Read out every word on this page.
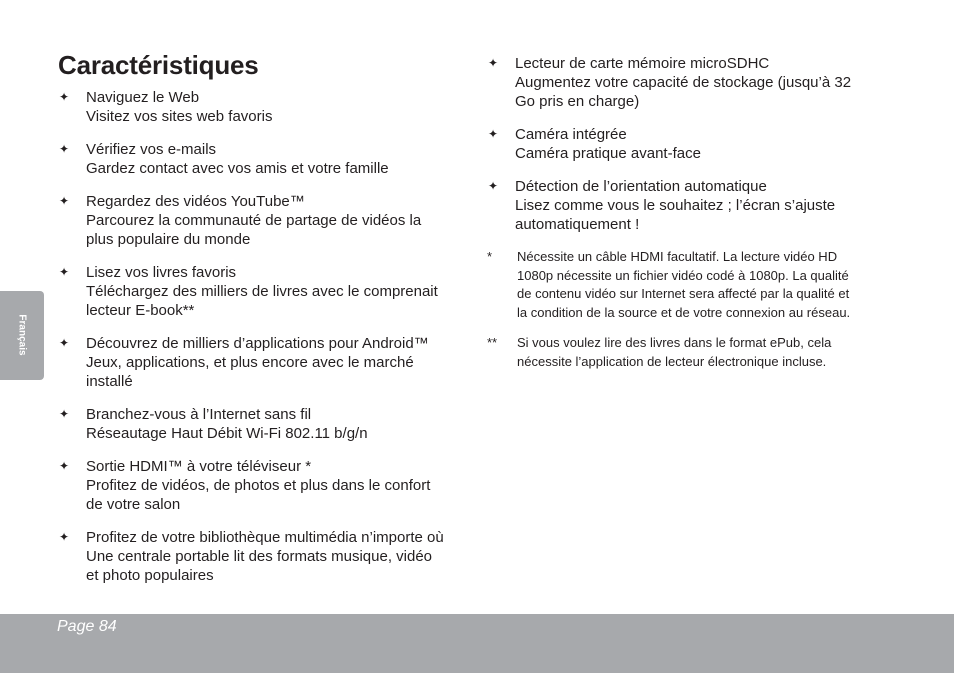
Caractéristiques
✦ Naviguez le Web
Visitez vos sites web favoris
✦ Vérifiez vos e-mails
Gardez contact avec vos amis et votre famille
✦ Regardez des vidéos YouTube™
Parcourez la communauté de partage de vidéos la
plus populaire du monde
✦ Lisez vos livres favoris
Téléchargez des milliers de livres avec le comprenait
lecteur E-book**
✦ Découvrez de milliers d’applications pour Android™
Jeux, applications, et plus encore avec le marché
installé
✦ Branchez-vous à l’Internet sans fil
Réseautage Haut Débit Wi-Fi 802.11 b/g/n
✦ Sortie HDMI™ à votre téléviseur *
Profitez de vidéos, de photos et plus dans le confort
de votre salon
✦ Profitez de votre bibliothèque multimédia n’importe où
Une centrale portable lit des formats musique, vidéo
et photo populaires
✦ Lecteur de carte mémoire microSDHC
Augmentez votre capacité de stockage (jusqu’à 32
Go pris en charge)
✦ Caméra intégrée
Caméra pratique avant-face
✦ Détection de l’orientation automatique
Lisez comme vous le souhaitez ; l’écran s’ajuste
automatiquement !
* Nécessite un câble HDMI facultatif. La lecture vidéo HD
1080p nécessite un fichier vidéo codé à 1080p. La qualité
de contenu vidéo sur Internet sera affecté par la qualité et
la condition de la source et de votre connexion au réseau.
** Si vous voulez lire des livres dans le format ePub, cela
nécessite l’application de lecteur électronique incluse.
Français
Page 84
